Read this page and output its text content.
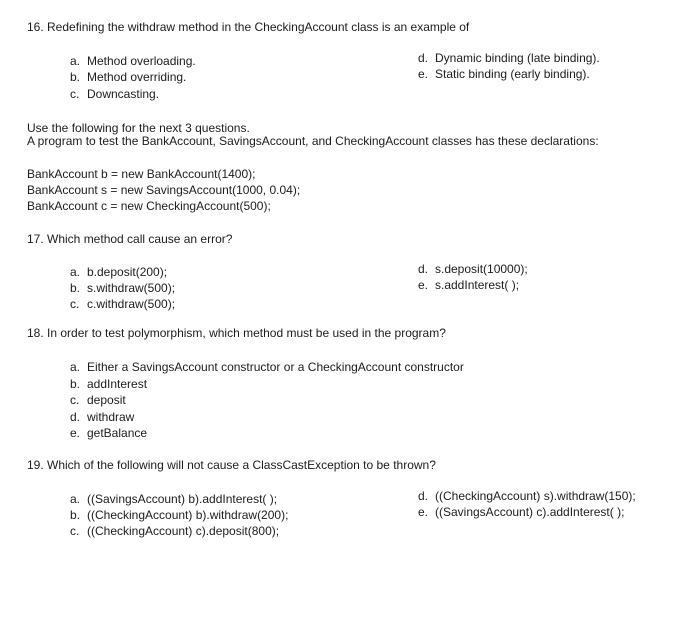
16. Redefining the withdraw method in the CheckingAccount class is an example of
a. Method overloading.
b. Method overriding.
c. Downcasting.
d. Dynamic binding (late binding).
e. Static binding (early binding).
Use the following for the next 3 questions.
A program to test the BankAccount, SavingsAccount, and CheckingAccount classes has these declarations:
BankAccount b = new BankAccount(1400);
BankAccount s = new SavingsAccount(1000, 0.04);
BankAccount c = new CheckingAccount(500);
17. Which method call cause an error?
a. b.deposit(200);
b. s.withdraw(500);
c. c.withdraw(500);
d. s.deposit(10000);
e. s.addInterest( );
18. In order to test polymorphism, which method must be used in the program?
a. Either a SavingsAccount constructor or a CheckingAccount constructor
b. addInterest
c. deposit
d. withdraw
e. getBalance
19. Which of the following will not cause a ClassCastException to be thrown?
a. ((SavingsAccount) b).addInterest( );
b. ((CheckingAccount) b).withdraw(200);
c. ((CheckingAccount) c).deposit(800);
d. ((CheckingAccount) s).withdraw(150);
e. ((SavingsAccount) c).addInterest( );
